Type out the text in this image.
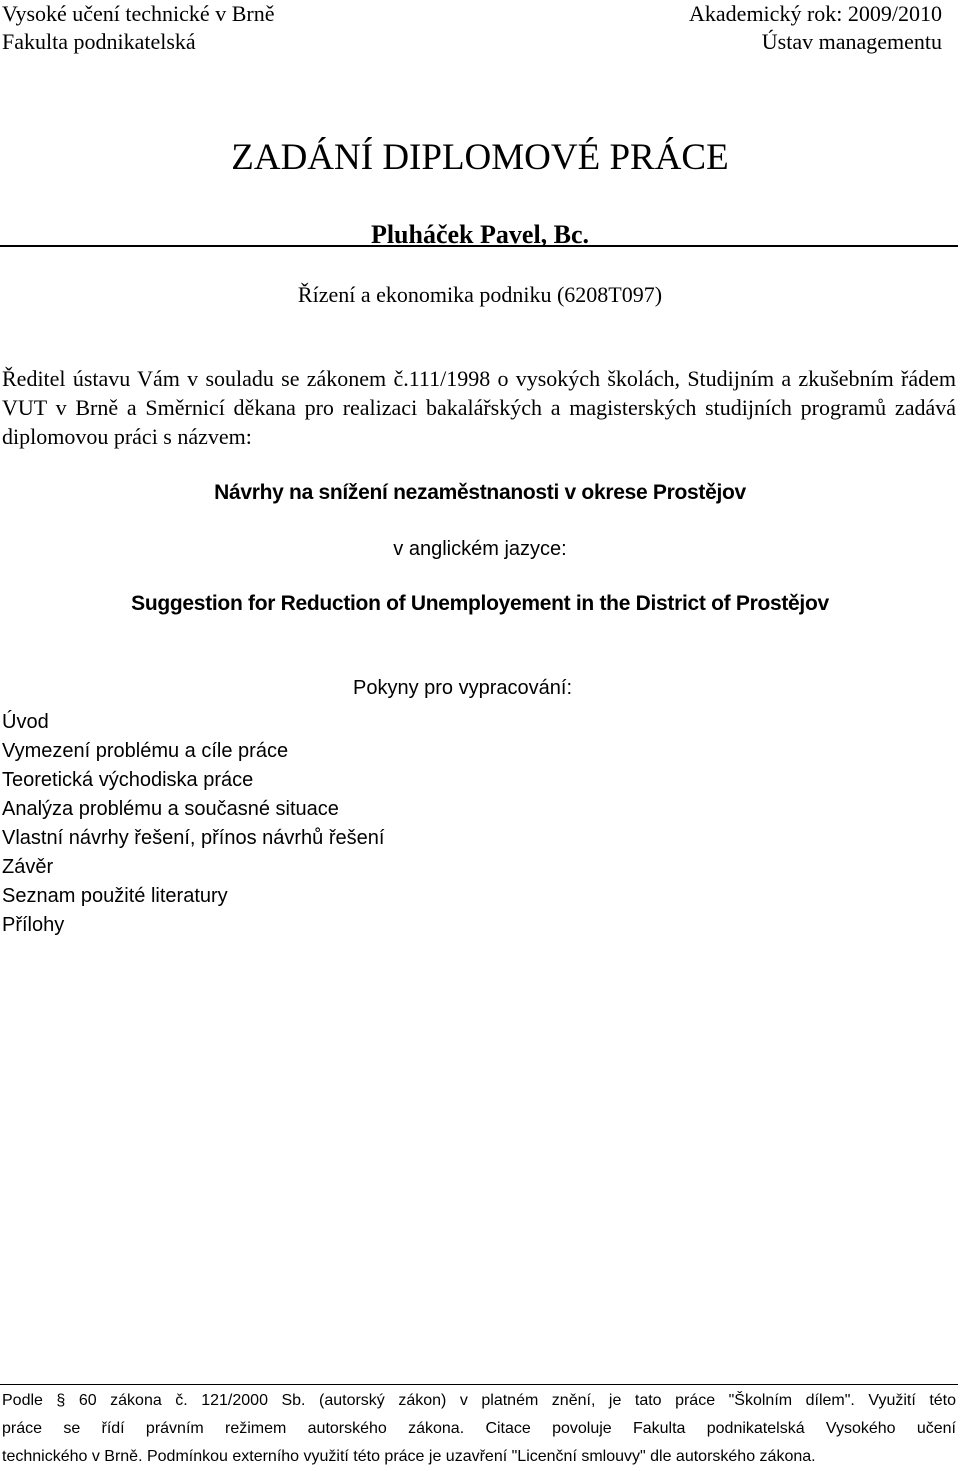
Vysoké učení technické v Brně
Fakulta podnikatelská
Akademický rok: 2009/2010
Ústav managementu
ZADÁNÍ DIPLOMOVÉ PRÁCE
Pluháček Pavel, Bc.
Řízení a ekonomika podniku (6208T097)
Ředitel ústavu Vám v souladu se zákonem č.111/1998 o vysokých školách, Studijním a zkušebním řádem VUT v Brně a Směrnicí děkana pro realizaci bakalářských a magisterských studijních programů zadává diplomovou práci s názvem:
Návrhy na snížení nezaměstnanosti v okrese Prostějov
v anglickém jazyce:
Suggestion for Reduction of Unemployement in the District of Prostějov
Pokyny pro vypracování:
Úvod
Vymezení problému a cíle práce
Teoretická východiska práce
Analýza problému a současné situace
Vlastní návrhy řešení, přínos návrhů řešení
Závěr
Seznam použité literatury
Přílohy
Podle § 60 zákona č. 121/2000 Sb. (autorský zákon) v platném znění, je tato práce "Školním dílem". Využití této
práce se řídí právním režimem autorského zákona. Citace povoluje Fakulta podnikatelská Vysokého učení
technického v Brně. Podmínkou externího využití této práce je uzavření "Licenční smlouvy" dle autorského zákona.
